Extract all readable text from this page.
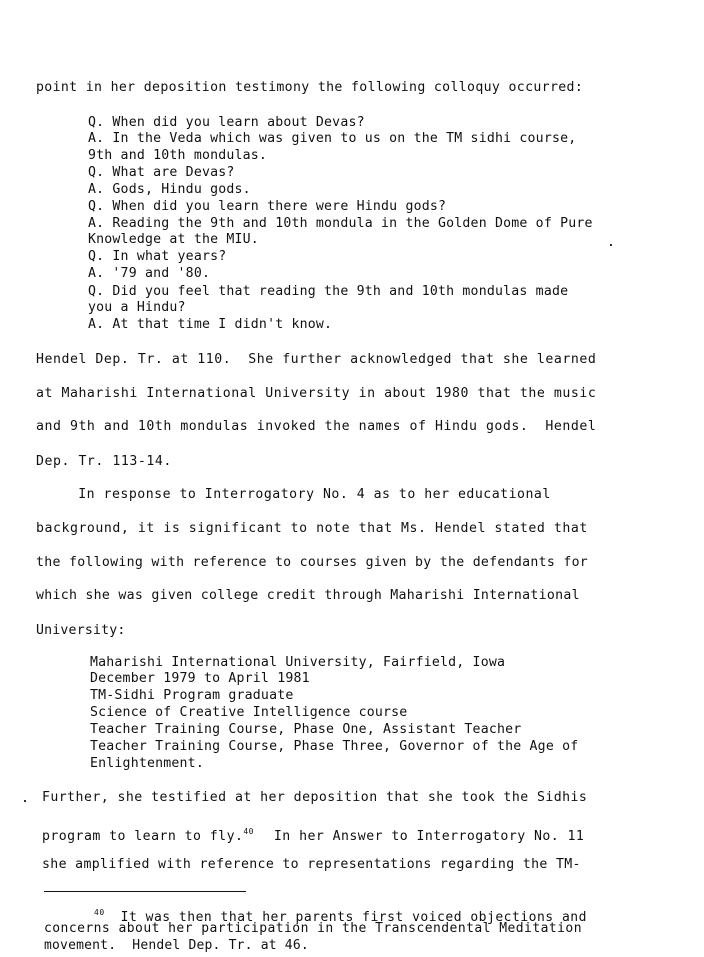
point in her deposition testimony the following colloquy occurred:
Q. When did you learn about Devas?
A. In the Veda which was given to us on the TM sidhi course,
9th and 10th mondulas.
Q. What are Devas?
A. Gods, Hindu gods.
Q. When did you learn there were Hindu gods?
A. Reading the 9th and 10th mondula in the Golden Dome of Pure
Knowledge at the MIU.
Q. In what years?
A. '79 and '80.
Q. Did you feel that reading the 9th and 10th mondulas made
you a Hindu?
A. At that time I didn't know.
Hendel Dep. Tr. at 110.  She further acknowledged that she learned
at Maharishi International University in about 1980 that the music
and 9th and 10th mondulas invoked the names of Hindu gods.  Hendel
Dep. Tr. 113-14.
In response to Interrogatory No. 4 as to her educational
background, it is significant to note that Ms. Hendel stated that
the following with reference to courses given by the defendants for
which she was given college credit through Maharishi International
University:
Maharishi International University, Fairfield, Iowa
December 1979 to April 1981
TM-Sidhi Program graduate
Science of Creative Intelligence course
Teacher Training Course, Phase One, Assistant Teacher
Teacher Training Course, Phase Three, Governor of the Age of
Enlightenment.
Further, she testified at her deposition that she took the Sidhis
program to learn to fly.$^{40}$ In her Answer to Interrogatory No. 11
she amplified with reference to representations regarding the TM-
$^{40}$ It was then that her parents first voiced objections and
concerns about her participation in the Transcendental Meditation
movement.  Hendel Dep. Tr. at 46.
